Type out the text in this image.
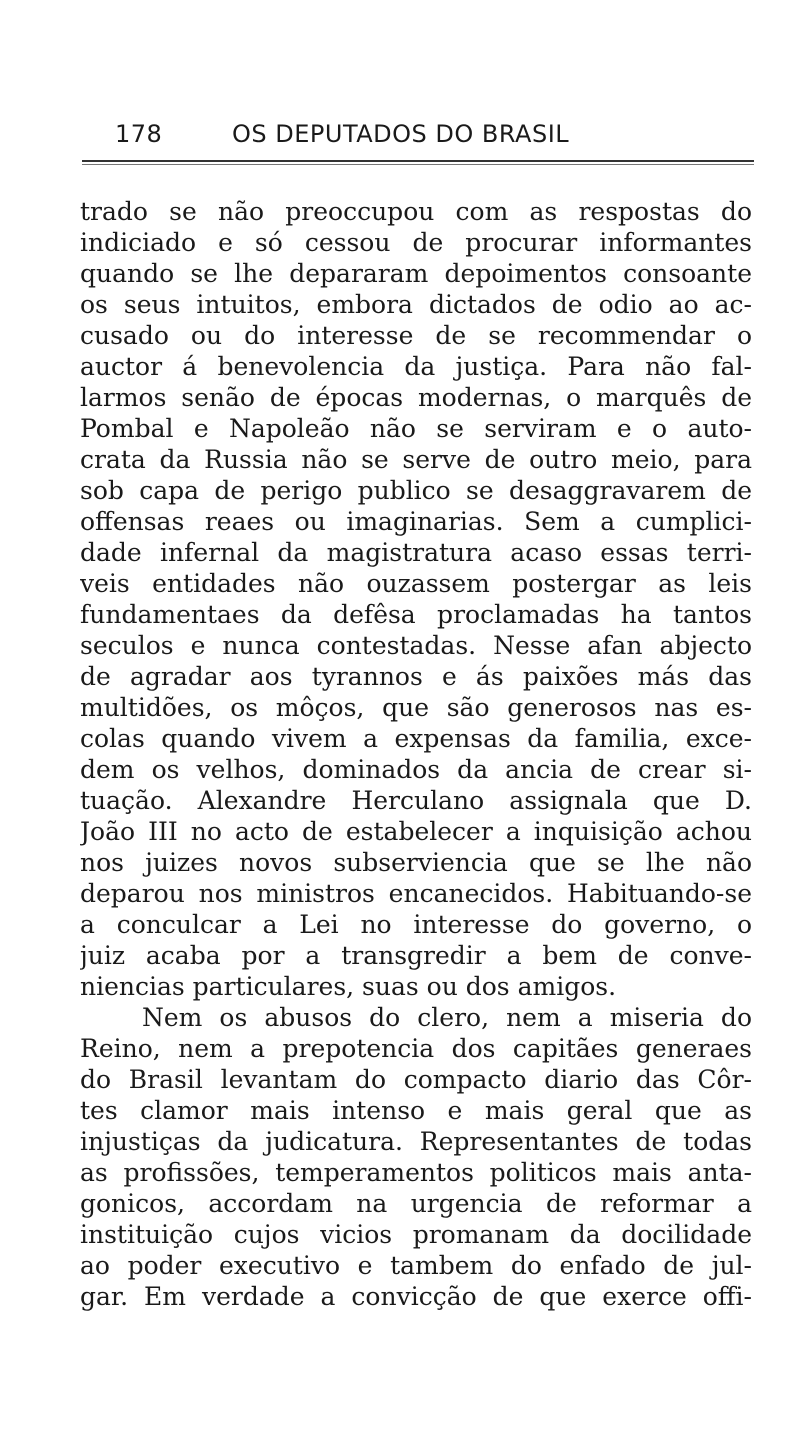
178	OS DEPUTADOS DO BRASIL
trado se não preoccupou com as respostas do
indiciado e só cessou de procurar informantes
quando se lhe depararam depoimentos consoante
os seus intuitos, embora dictados de odio ao ac-
cusado ou do interesse de se recommendar o
auctor á benevolencia da justiça. Para não fal-
larmos senão de épocas modernas, o marquês de
Pombal e Napoleão não se serviram e o auto-
crata da Russia não se serve de outro meio, para
sob capa de perigo publico se desaggravarem de
offensas reaes ou imaginarias. Sem a cumplici-
dade infernal da magistratura acaso essas terri-
veis entidades não ouzassem postergar as leis
fundamentaes da defêsa proclamadas ha tantos
seculos e nunca contestadas. Nesse afan abjecto
de agradar aos tyrannos e ás paixões más das
multidões, os môços, que são generosos nas es-
colas quando vivem a expensas da familia, exce-
dem os velhos, dominados da ancia de crear si-
tuação. Alexandre Herculano assignala que D.
João III no acto de estabelecer a inquisição achou
nos juizes novos subserviencia que se lhe não
deparou nos ministros encanecidos. Habituando-se
a conculcar a Lei no interesse do governo, o
juiz acaba por a transgredir a bem de conve-
niencias particulares, suas ou dos amigos.
Nem os abusos do clero, nem a miseria do
Reino, nem a prepotencia dos capitães generaes
do Brasil levantam do compacto diario das Côr-
tes clamor mais intenso e mais geral que as
injustiças da judicatura. Representantes de todas
as profissões, temperamentos politicos mais anta-
gonicos, accordam na urgencia de reformar a
instituição cujos vicios promanam da docilidade
ao poder executivo e tambem do enfado de jul-
gar. Em verdade a convicção de que exerce offi-
